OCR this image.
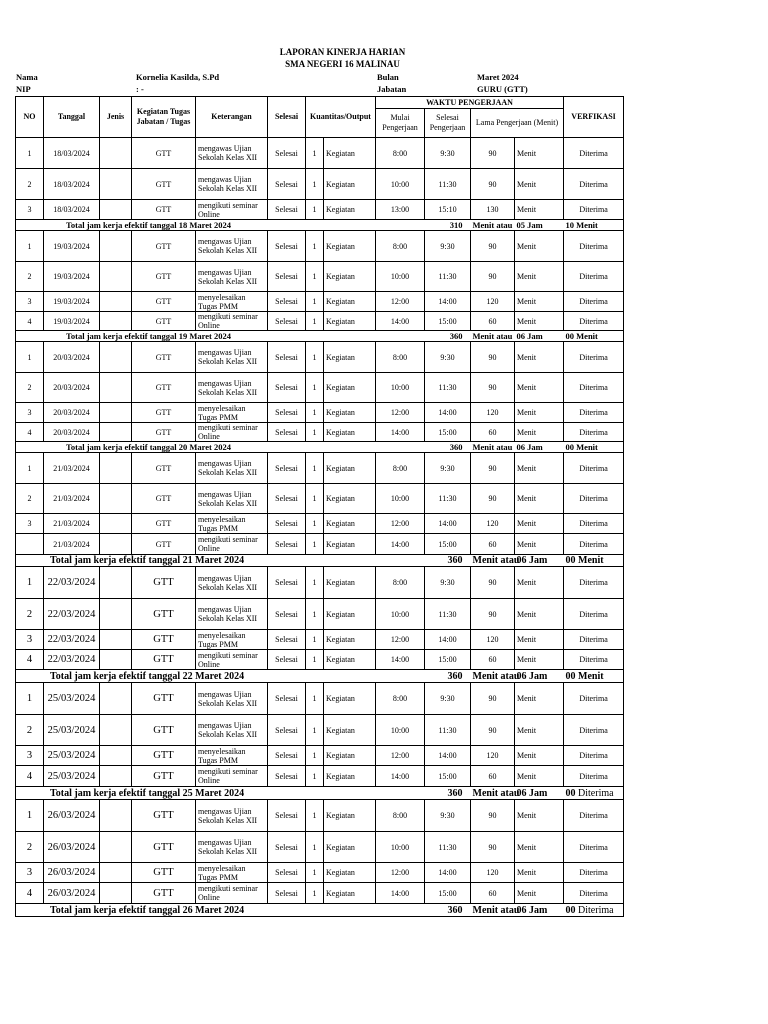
LAPORAN KINERJA HARIAN
SMA NEGERI 16 MALINAU
Nama	Kornelia Kasilda, S.Pd	Bulan	Maret 2024
NIP	: -	Jabatan	GURU (GTT)
NO	Tanggal	Jenis	Kegiatan Tugas Jabatan / Tugas	Keterangan	Selesai	Kuantitas/Output		WAKTU PENGERJAAN				VERFIKASI
								Mulai Pengerjaan	Selesai Pengerjaan	Lama Pengerjaan (Menit)		
1	18/03/2024		GTT	mengawas Ujian Sekolah Kelas XII	Selesai	1	Kegiatan	8:00	9:30	90	Menit	Diterima
2	18/03/2024		GTT	mengawas Ujian Sekolah Kelas XII	Selesai	1	Kegiatan	10:00	11:30	90	Menit	Diterima
3	18/03/2024		GTT	mengikuti seminar Online	Selesai	1	Kegiatan	13:00	15:10	130	Menit	Diterima
Total jam kerja efektif tanggal 18 Maret 2024								310		Menit atau	05 Jam	10 Menit
1	19/03/2024		GTT	mengawas Ujian Sekolah Kelas XII	Selesai	1	Kegiatan	8:00	9:30	90	Menit	Diterima
2	19/03/2024		GTT	mengawas Ujian Sekolah Kelas XII	Selesai	1	Kegiatan	10:00	11:30	90	Menit	Diterima
3	19/03/2024		GTT	menyelesaikan Tugas PMM	Selesai	1	Kegiatan	12:00	14:00	120	Menit	Diterima
4	19/03/2024		GTT	mengikuti seminar Online	Selesai	1	Kegiatan	14:00	15:00	60	Menit	Diterima
Total jam kerja efektif tanggal 19 Maret 2024								360		Menit atau	06 Jam	00 Menit
1	20/03/2024		GTT	mengawas Ujian Sekolah Kelas XII	Selesai	1	Kegiatan	8:00	9:30	90	Menit	Diterima
2	20/03/2024		GTT	mengawas Ujian Sekolah Kelas XII	Selesai	1	Kegiatan	10:00	11:30	90	Menit	Diterima
3	20/03/2024		GTT	menyelesaikan Tugas PMM	Selesai	1	Kegiatan	12:00	14:00	120	Menit	Diterima
4	20/03/2024		GTT	mengikuti seminar Online	Selesai	1	Kegiatan	14:00	15:00	60	Menit	Diterima
Total jam kerja efektif tanggal 20 Maret 2024								360		Menit atau	06 Jam	00 Menit
1	21/03/2024		GTT	mengawas Ujian Sekolah Kelas XII	Selesai	1	Kegiatan	8:00	9:30	90	Menit	Diterima
2	21/03/2024		GTT	mengawas Ujian Sekolah Kelas XII	Selesai	1	Kegiatan	10:00	11:30	90	Menit	Diterima
3	21/03/2024		GTT	menyelesaikan Tugas PMM	Selesai	1	Kegiatan	12:00	14:00	120	Menit	Diterima
	21/03/2024		GTT	mengikuti seminar Online	Selesai	1	Kegiatan	14:00	15:00	60	Menit	Diterima
Total jam kerja efektif tanggal 21 Maret 2024								360		Menit atau	06 Jam	00 Menit
1	22/03/2024		GTT	mengawas Ujian Sekolah Kelas XII	Selesai	1	Kegiatan	8:00	9:30	90	Menit	Diterima
2	22/03/2024		GTT	mengawas Ujian Sekolah Kelas XII	Selesai	1	Kegiatan	10:00	11:30	90	Menit	Diterima
3	22/03/2024		GTT	menyelesaikan Tugas PMM	Selesai	1	Kegiatan	12:00	14:00	120	Menit	Diterima
4	22/03/2024		GTT	mengikuti seminar Online	Selesai	1	Kegiatan	14:00	15:00	60	Menit	Diterima
Total jam kerja efektif tanggal 22 Maret 2024								360		Menit atau	06 Jam	00 Menit
1	25/03/2024		GTT	mengawas Ujian Sekolah Kelas XII	Selesai	1	Kegiatan	8:00	9:30	90	Menit	Diterima
2	25/03/2024		GTT	mengawas Ujian Sekolah Kelas XII	Selesai	1	Kegiatan	10:00	11:30	90	Menit	Diterima
3	25/03/2024		GTT	menyelesaikan Tugas PMM	Selesai	1	Kegiatan	12:00	14:00	120	Menit	Diterima
4	25/03/2024		GTT	mengikuti seminar Online	Selesai	1	Kegiatan	14:00	15:00	60	Menit	Diterima
Total jam kerja efektif tanggal 25 Maret 2024								360		Menit atau	06 Jam	00 Diterima
1	26/03/2024		GTT	mengawas Ujian Sekolah Kelas XII	Selesai	1	Kegiatan	8:00	9:30	90	Menit	Diterima
2	26/03/2024		GTT	mengawas Ujian Sekolah Kelas XII	Selesai	1	Kegiatan	10:00	11:30	90	Menit	Diterima
3	26/03/2024		GTT	menyelesaikan Tugas PMM	Selesai	1	Kegiatan	12:00	14:00	120	Menit	Diterima
4	26/03/2024		GTT	mengikuti seminar Online	Selesai	1	Kegiatan	14:00	15:00	60	Menit	Diterima
Total jam kerja efektif tanggal 26 Maret 2024								360		Menit atau	06 Jam	00 Diterima
